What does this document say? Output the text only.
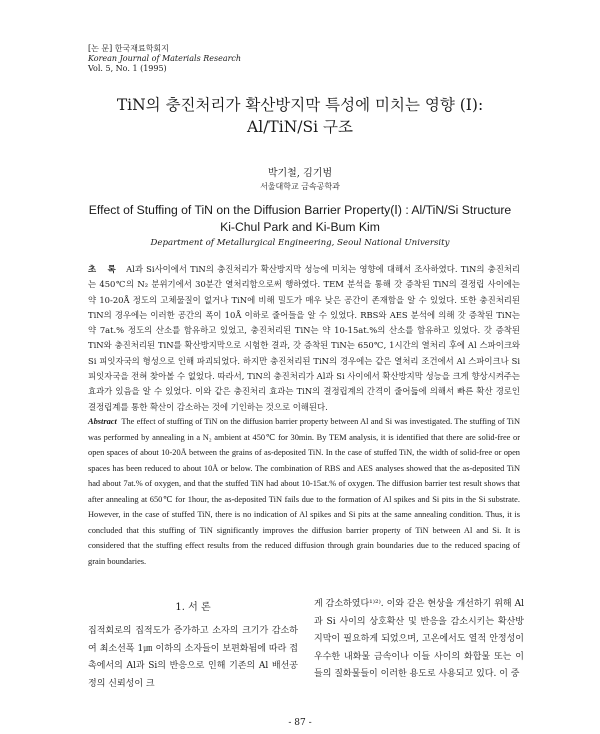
[논 문] 한국재료학회지
Korean Journal of Materials Research
Vol. 5, No. 1 (1995)
TiN의 충진처리가 확산방지막 특성에 미치는 영향 (Ⅰ):
Al/TiN/Si 구조
박기철, 김기범
서울대학교 금속공학과
Effect of Stuffing of TiN on the Diffusion Barrier Property(Ⅰ) : Al/TiN/Si Structure
Ki-Chul Park and Ki-Bum Kim
Department of Metallurgical Engineering, Seoul National University
초 록 Al과 Si사이에서 TiN의 충진처리가 확산방지막 성능에 미치는 영향에 대해서 조사하였다. TiN의 충진처리는 450℃의 N₂ 분위기에서 30분간 열처리함으로써 행하였다. TEM 분석을 통해 갓 증착된 TiN의 결정립 사이에는 약 10-20Å 정도의 고체물질이 없거나 TiN에 비해 밀도가 매우 낮은 공간이 존재함을 알 수 있었다. 또한 충진처리된 TiN의 경우에는 이러한 공간의 폭이 10Å 이하로 줄어들을 알 수 있었다. RBS와 AES 분석에 의해 갓 증착된 TiN는 약 7at.% 정도의 산소를 함유하고 있었고, 충진처리된 TiN는 약 10-15at.%의 산소를 함유하고 있었다. 갓 증착된 TiN와 충진처리된 TiN를 확산방지막으로 시험한 결과, 갓 증착된 TiN는 650℃, 1시간의 열처리 후에 Al 스파이크와 Si 피잇자국의 형성으로 인해 파괴되었다. 하지만 충진처리된 TiN의 경우에는 같은 열처리 조건에서 Al 스파이크나 Si 피잇자국을 전혀 찾아볼 수 없었다. 따라서, TiN의 충진처리가 Al과 Si 사이에서 확산방지막 성능을 크게 향상시켜주는 효과가 있음을 알 수 있었다. 이와 같은 충진처리 효과는 TiN의 결정립계의 간격이 줄어듦에 의해서 빠른 확산 경로인 결정립계를 통한 확산이 감소하는 것에 기인하는 것으로 이해된다.
Abstract The effect of stuffing of TiN on the diffusion barrier property between Al and Si was investigated. The stuffing of TiN was performed by annealing in a N₂ ambient at 450℃ for 30min. By TEM analysis, it is identified that there are solid-free or open spaces of about 10-20Å between the grains of as-deposited TiN. In the case of stuffed TiN, the width of solid-free or open spaces has been reduced to about 10Å or below. The combination of RBS and AES analyses showed that the as-deposited TiN had about 7at.% of oxygen, and that the stuffed TiN had about 10-15at.% of oxygen. The diffusion barrier test result shows that after annealing at 650℃ for 1hour, the as-deposited TiN fails due to the formation of Al spikes and Si pits in the Si substrate. However, in the case of stuffed TiN, there is no indication of Al spikes and Si pits at the same annealing condition. Thus, it is concluded that this stuffing of TiN significantly improves the diffusion barrier property of TiN between Al and Si. It is considered that the stuffing effect results from the reduced diffusion through grain boundaries due to the reduced spacing of grain boundaries.
1. 서 론
집적회로의 집적도가 증가하고 소자의 크기가 감소하여 최소선폭 1㎛ 이하의 소자들이 보편화됨에 따라 접촉에서의 Al과 Si의 반응으로 인해 기존의 Al 배선공정의 신뢰성이 크
게 감소하였다¹⁾²⁾. 이와 같은 현상을 개선하기 위해 Al과 Si 사이의 상호확산 및 반응을 감소시키는 확산방지막이 필요하게 되었으며, 고온에서도 열적 안정성이 우수한 내화물 금속이나 이들 사이의 화합물 또는 이들의 질화물들이 이러한 용도로 사용되고 있다. 이 중
- 87 -
